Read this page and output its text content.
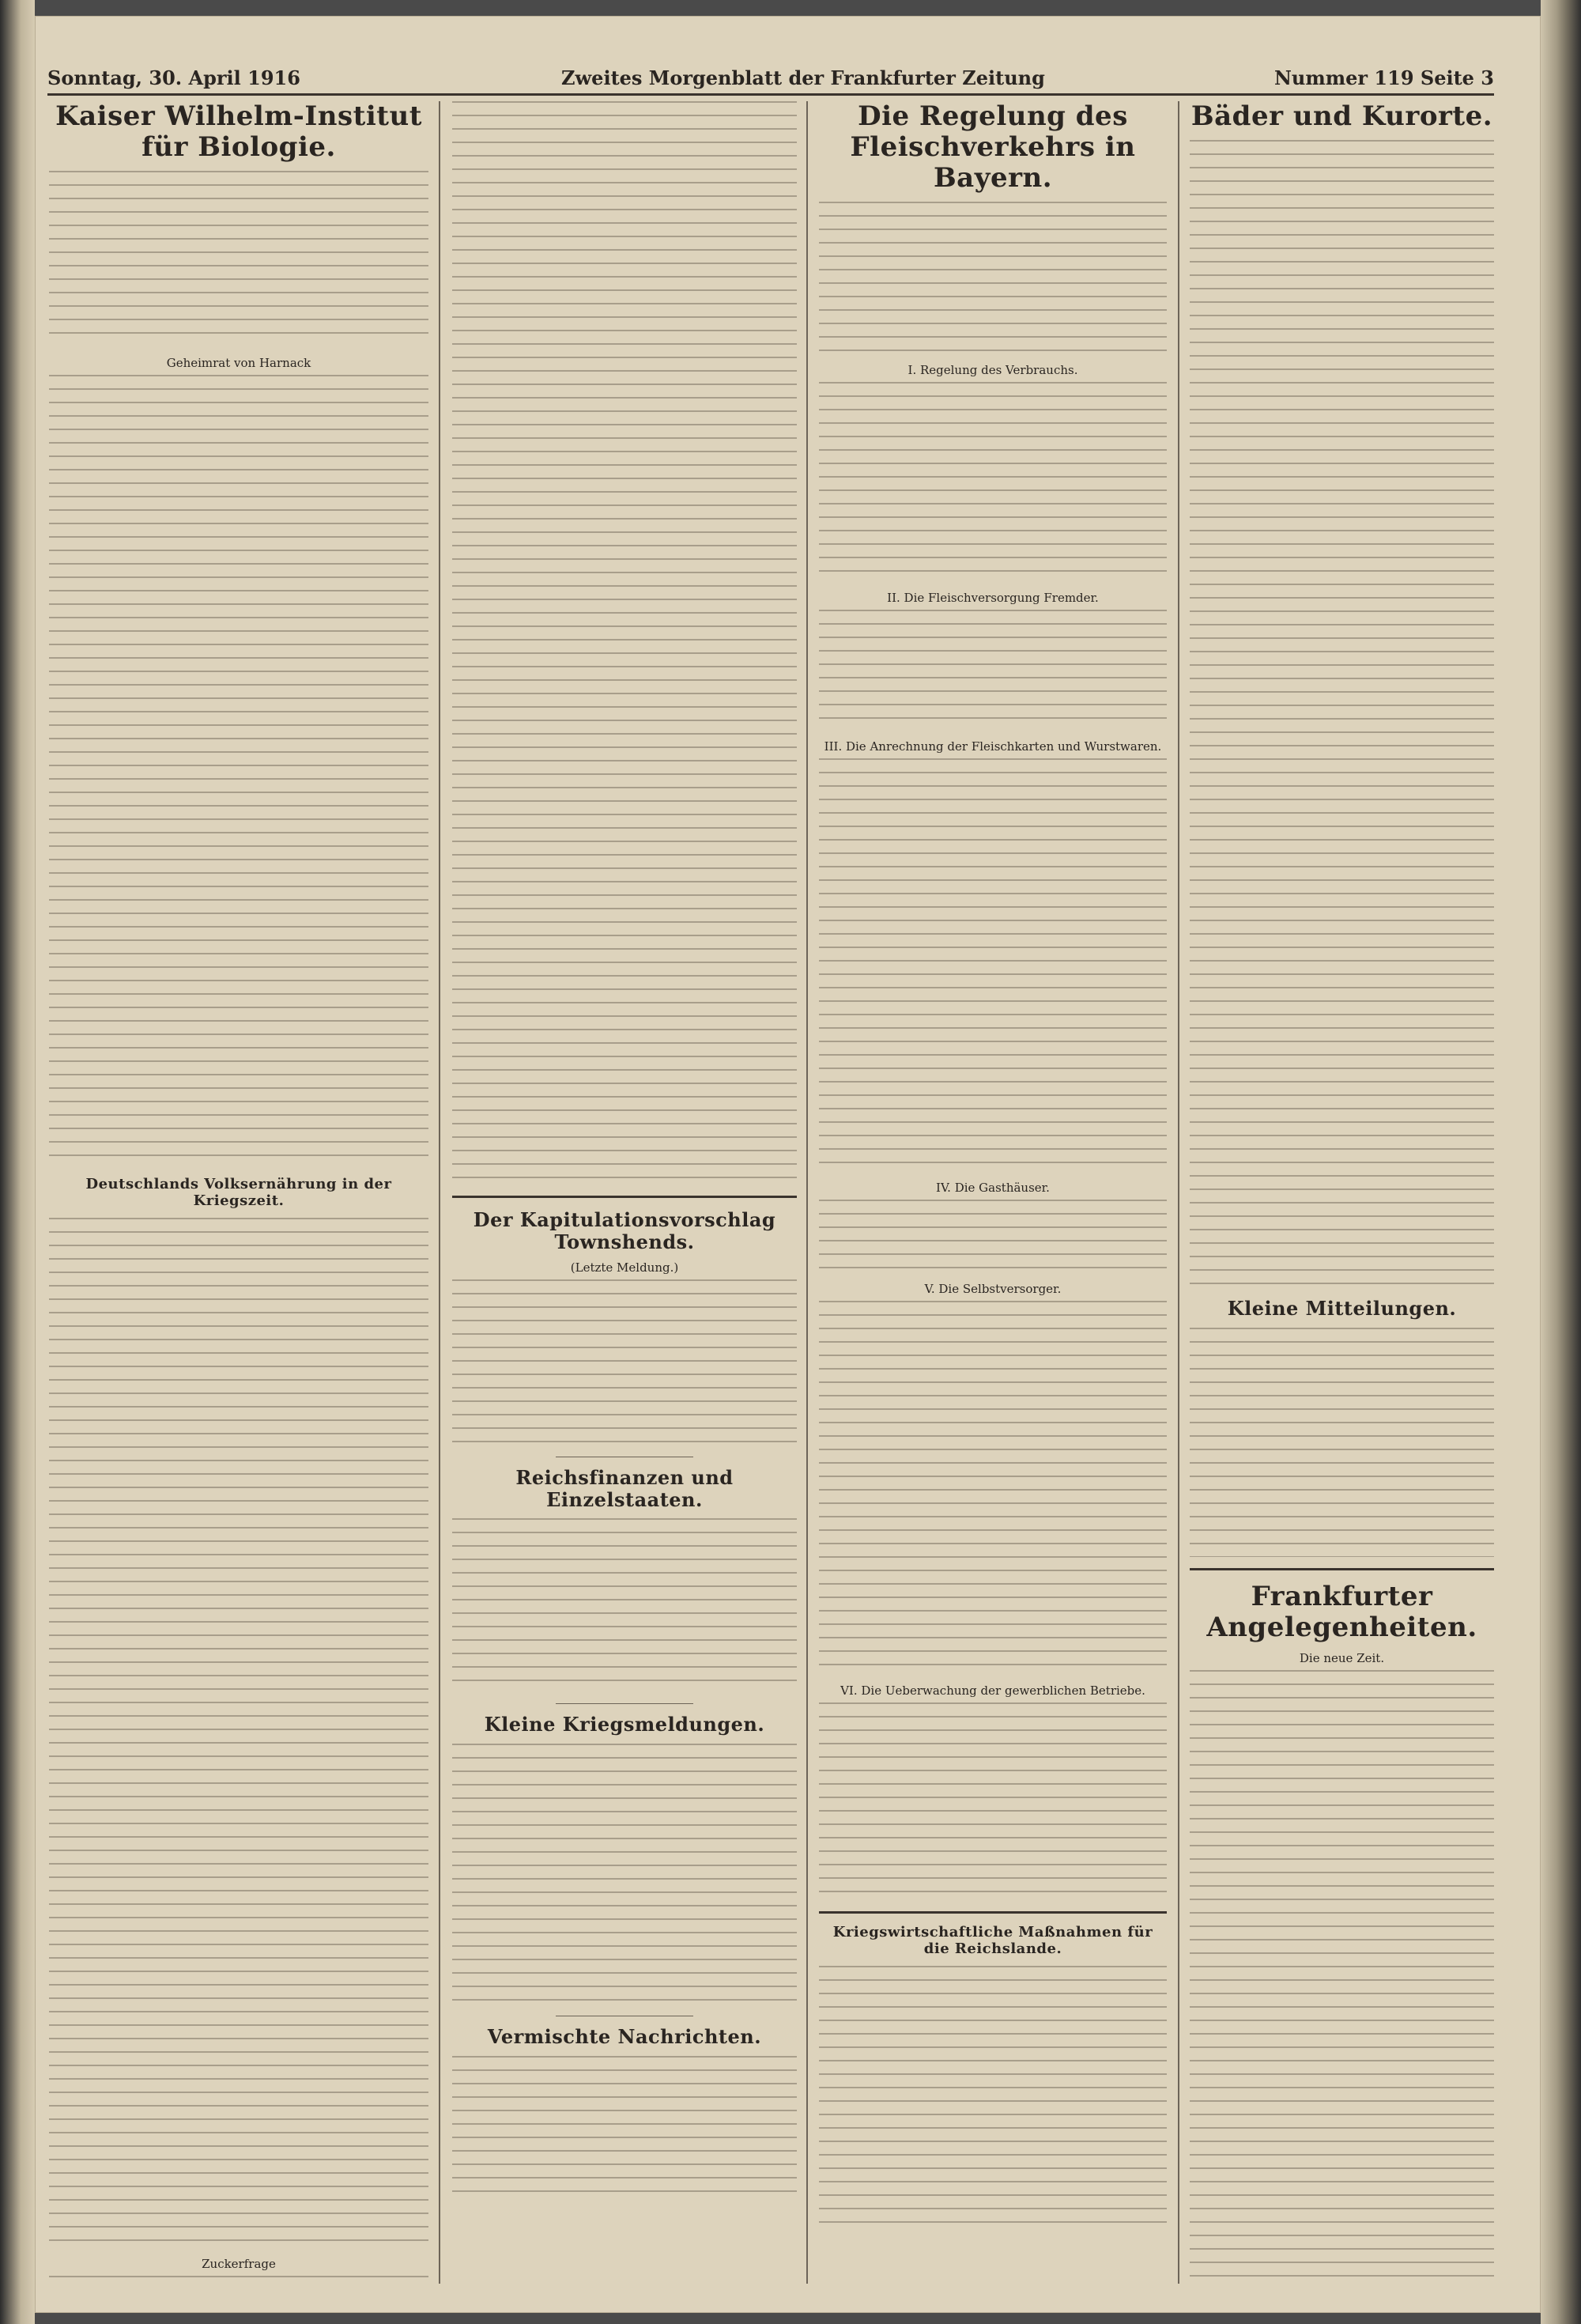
Sonntag, 30. April 1916	Zweites Morgenblatt der Frankfurter Zeitung	Nummer 119 Seite 3
Kaiser Wilhelm-Institut für Biologie.
Geheimrat von Harnack
Deutschlands Volksernährung in der Kriegszeit.
Zuckerfrage
Der Kapitulationsvorschlag Townshends.
(Letzte Meldung.)
Reichsfinanzen und Einzelstaaten.
Kleine Kriegsmeldungen.
Vermischte Nachrichten.
Die Regelung des Fleischverkehrs in Bayern.
I. Regelung des Verbrauchs.
II. Die Fleischversorgung Fremder.
III. Die Anrechnung der Fleischkarten und Wurstwaren.
IV. Die Gasthäuser.
V. Die Selbstversorger.
VI. Die Ueberwachung der gewerblichen Betriebe.
Kriegswirtschaftliche Maßnahmen für die Reichslande.
Bäder und Kurorte.
Kleine Mitteilungen.
Frankfurter Angelegenheiten.
Die neue Zeit.
